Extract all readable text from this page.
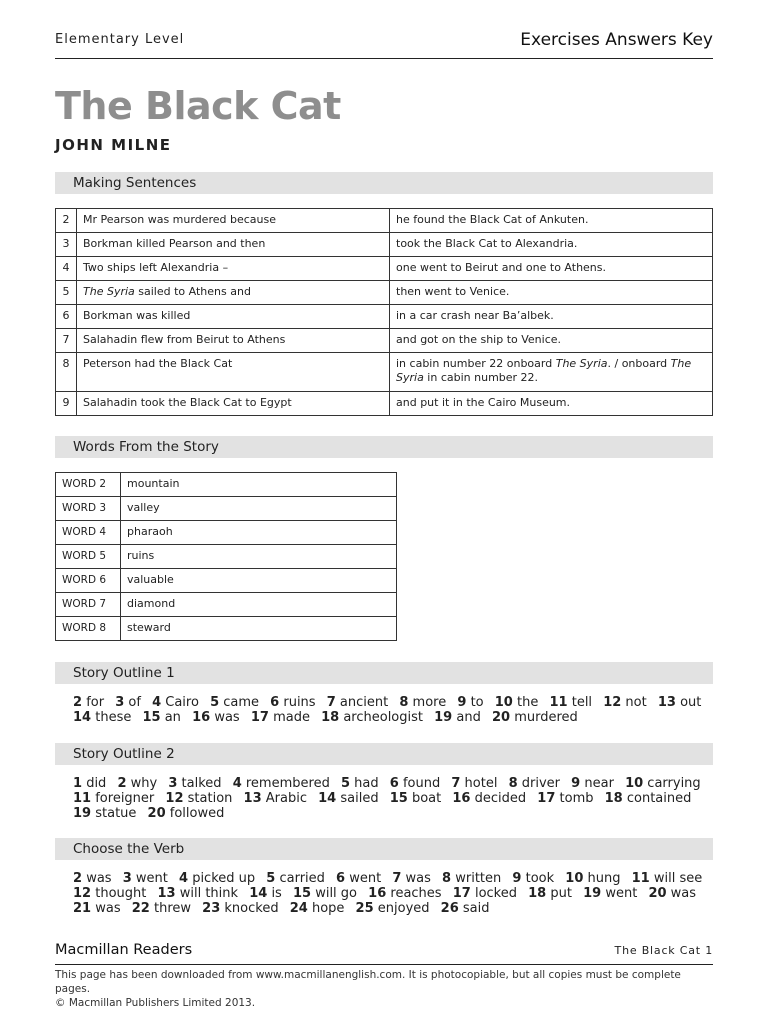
Elementary Level	Exercises Answers Key
The Black Cat
JOHN MILNE
Making Sentences
2	Mr Pearson was murdered because	he found the Black Cat of Ankuten.
3	Borkman killed Pearson and then	took the Black Cat to Alexandria.
4	Two ships left Alexandria –	one went to Beirut and one to Athens.
5	The Syria sailed to Athens and	then went to Venice.
6	Borkman was killed	in a car crash near Ba’albek.
7	Salahadin flew from Beirut to Athens	and got on the ship to Venice.
8	Peterson had the Black Cat	in cabin number 22 onboard The Syria. / onboard The Syria in cabin number 22.
9	Salahadin took the Black Cat to Egypt	and put it in the Cairo Museum.
Words From the Story
WORD 2	mountain
WORD 3	valley
WORD 4	pharaoh
WORD 5	ruins
WORD 6	valuable
WORD 7	diamond
WORD 8	steward
Story Outline 1
2 for 3 of 4 Cairo 5 came 6 ruins 7 ancient 8 more 9 to 10 the 11 tell 12 not 13 out 14 these 15 an 16 was 17 made 18 archeologist 19 and 20 murdered
Story Outline 2
1 did 2 why 3 talked 4 remembered 5 had 6 found 7 hotel 8 driver 9 near 10 carrying 11 foreigner 12 station 13 Arabic 14 sailed 15 boat 16 decided 17 tomb 18 contained 19 statue 20 followed
Choose the Verb
2 was 3 went 4 picked up 5 carried 6 went 7 was 8 written 9 took 10 hung 11 will see 12 thought 13 will think 14 is 15 will go 16 reaches 17 locked 18 put 19 went 20 was 21 was 22 threw 23 knocked 24 hope 25 enjoyed 26 said
Macmillan Readers	The Black Cat 1
This page has been downloaded from www.macmillanenglish.com. It is photocopiable, but all copies must be complete pages.
© Macmillan Publishers Limited 2013.
